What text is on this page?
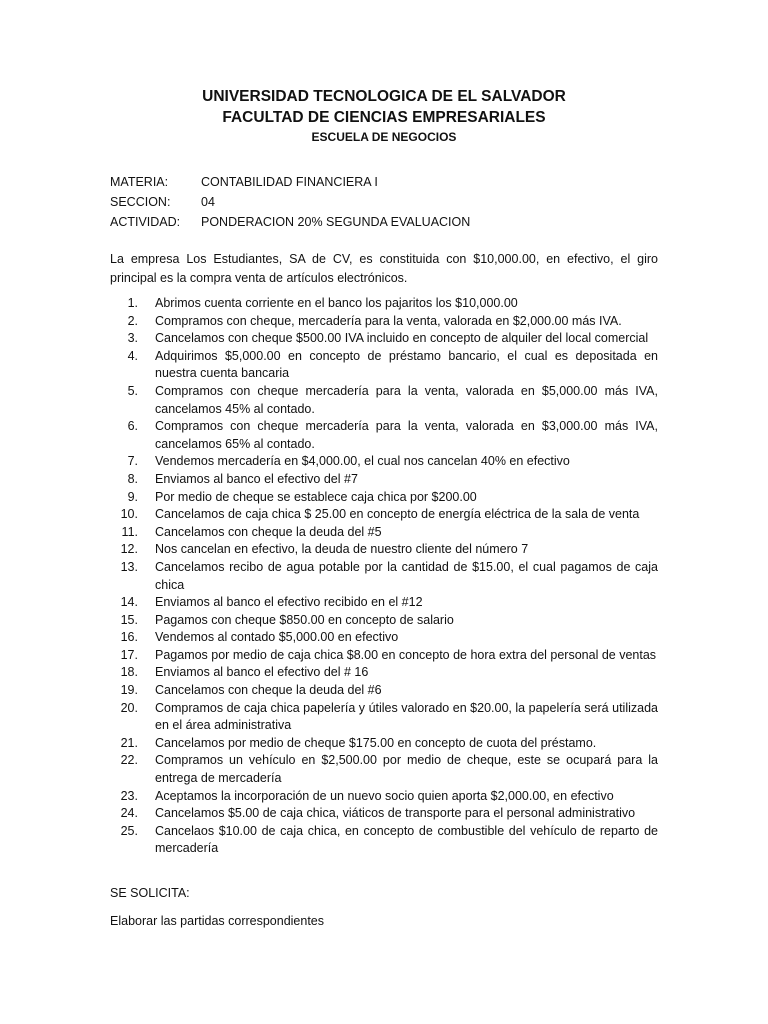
UNIVERSIDAD TECNOLOGICA DE EL SALVADOR
FACULTAD DE CIENCIAS EMPRESARIALES
ESCUELA DE NEGOCIOS
MATERIA:	CONTABILIDAD FINANCIERA I
SECCION:	04
ACTIVIDAD:	PONDERACION 20% SEGUNDA EVALUACION
La empresa Los Estudiantes, SA de CV, es constituida con $10,000.00, en efectivo, el giro principal es la compra venta de artículos electrónicos.
1.	Abrimos cuenta corriente en el banco los pajaritos los $10,000.00
2.	Compramos con cheque, mercadería para la venta, valorada en $2,000.00 más IVA.
3.	Cancelamos con cheque $500.00 IVA incluido en concepto de alquiler del local comercial
4.	Adquirimos $5,000.00 en concepto de préstamo bancario, el cual es depositada en nuestra cuenta bancaria
5.	Compramos con cheque mercadería para la venta, valorada en $5,000.00 más IVA, cancelamos 45% al contado.
6.	Compramos con cheque mercadería para la venta, valorada en $3,000.00 más IVA, cancelamos 65% al contado.
7.	Vendemos mercadería en $4,000.00, el cual nos cancelan 40% en efectivo
8.	Enviamos al banco el efectivo del #7
9.	Por medio de cheque se establece caja chica por $200.00
10.	Cancelamos de caja chica $ 25.00 en concepto de energía eléctrica de la sala de venta
11.	Cancelamos con cheque la deuda del #5
12.	Nos cancelan en efectivo, la deuda de nuestro cliente del número 7
13.	Cancelamos recibo de agua potable por la cantidad de $15.00, el cual pagamos de caja chica
14.	Enviamos al banco el efectivo recibido en el #12
15.	Pagamos con cheque $850.00 en concepto de salario
16.	Vendemos al contado $5,000.00 en efectivo
17.	Pagamos por medio de caja chica $8.00 en concepto de hora extra del personal de ventas
18.	Enviamos al banco el efectivo del # 16
19.	Cancelamos con cheque la deuda del #6
20.	Compramos de caja chica papelería y útiles valorado en $20.00, la papelería será utilizada en el área administrativa
21.	Cancelamos por medio de cheque $175.00 en concepto de cuota del préstamo.
22.	Compramos un vehículo en $2,500.00 por medio de cheque, este se ocupará para la entrega de mercadería
23.	Aceptamos la incorporación de un nuevo socio quien aporta $2,000.00, en efectivo
24.	Cancelamos $5.00 de caja chica, viáticos de transporte para el personal administrativo
25.	Cancelaos $10.00 de caja chica, en concepto de combustible del vehículo de reparto de mercadería
SE SOLICITA:
Elaborar las partidas correspondientes
